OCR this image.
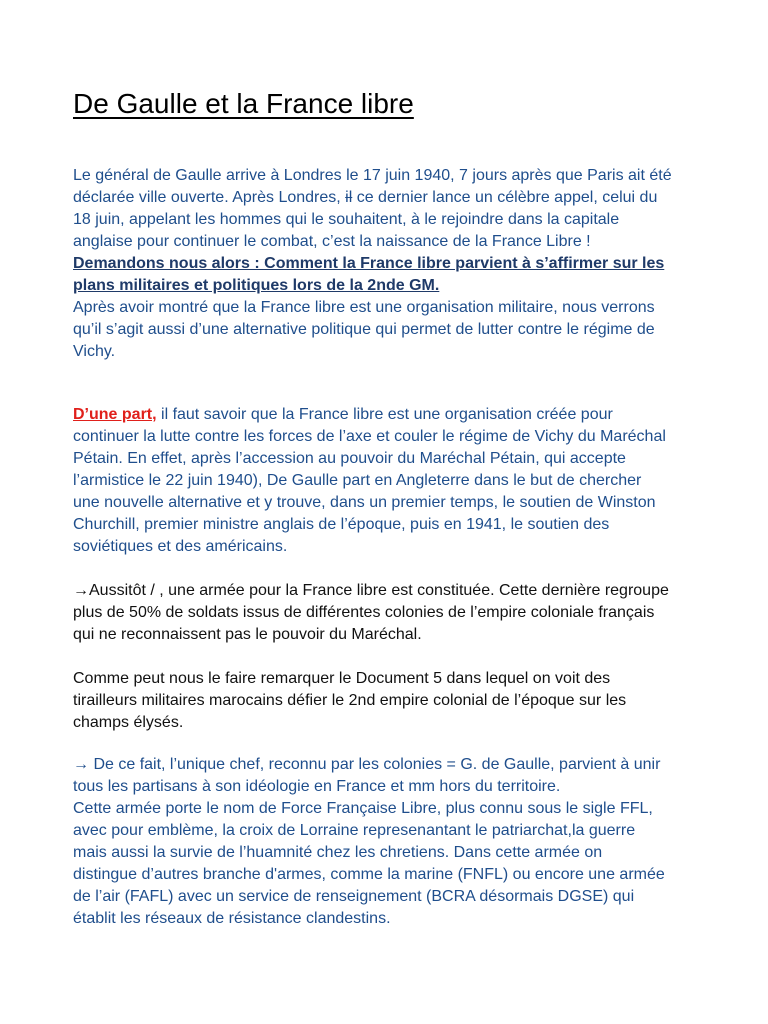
De Gaulle et la France libre
Le général de Gaulle arrive à Londres le 17 juin 1940, 7 jours après que Paris ait été
déclarée ville ouverte. Après Londres, il ce dernier lance un célèbre appel, celui du
18 juin, appelant les hommes qui le souhaitent, à le rejoindre dans la capitale
anglaise pour continuer le combat, c’est la naissance de la France Libre !
Demandons nous alors : Comment la France libre parvient à s’affirmer sur les
plans militaires et politiques lors de la 2nde GM.
Après avoir montré que la France libre est une organisation militaire, nous verrons
qu’il s’agit aussi d’une alternative politique qui permet de lutter contre le régime de
Vichy.
D’une part, il faut savoir que la France libre est une organisation créée pour
continuer la lutte contre les forces de l’axe et couler le régime de Vichy du Maréchal
Pétain. En effet, après l’accession au pouvoir du Maréchal Pétain, qui accepte
l’armistice le 22 juin 1940), De Gaulle part en Angleterre dans le but de chercher
une nouvelle alternative et y trouve, dans un premier temps, le soutien de Winston
Churchill, premier ministre anglais de l’époque, puis en 1941, le soutien des
soviétiques et des américains.
→Aussitôt / , une armée pour la France libre est constituée. Cette dernière regroupe
plus de 50% de soldats issus de différentes colonies de l’empire coloniale français
qui ne reconnaissent pas le pouvoir du Maréchal.
Comme peut nous le faire remarquer le Document 5 dans lequel on voit des
tirailleurs militaires marocains défier le 2nd empire colonial de l’époque sur les
champs élysés.
→ De ce fait, l’unique chef, reconnu par les colonies = G. de Gaulle, parvient à unir
tous les partisans à son idéologie en France et mm hors du territoire.
Cette armée porte le nom de Force Française Libre, plus connu sous le sigle FFL,
avec pour emblème, la croix de Lorraine represenantant le patriarchat,la guerre
mais aussi la survie de l’huamnité chez les chretiens. Dans cette armée on
distingue d’autres branche d'armes, comme la marine (FNFL) ou encore une armée
de l’air (FAFL) avec un service de renseignement (BCRA désormais DGSE) qui
établit les réseaux de résistance clandestins.
